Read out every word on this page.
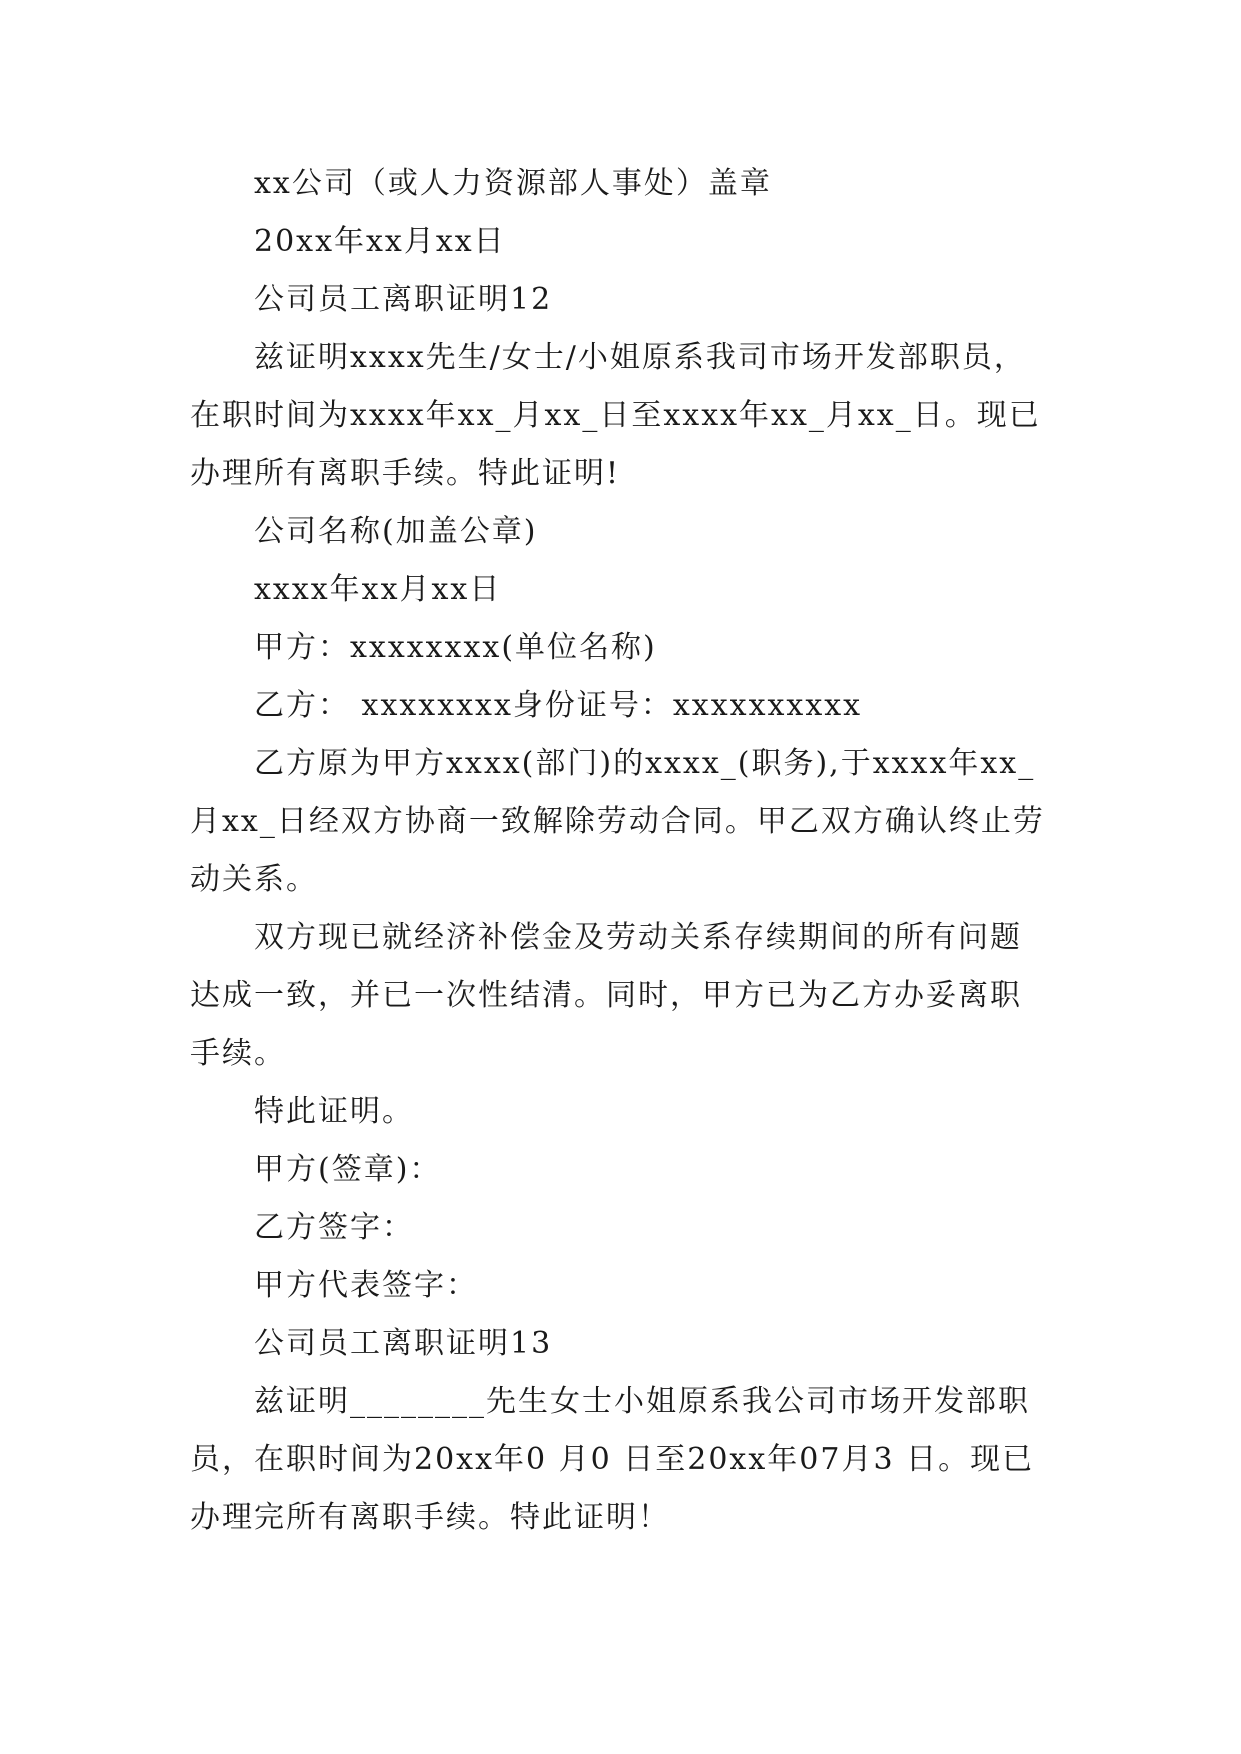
xx公司（或人力资源部人事处）盖章

20xx年xx月xx日

公司员工离职证明12

兹证明xxxx先生/女士/小姐原系我司市场开发部职员，在职时间为xxxx年xx_月xx_日至xxxx年xx_月xx_日。现已办理所有离职手续。特此证明!

公司名称(加盖公章)

xxxx年xx月xx日

甲方：xxxxxxxx(单位名称)

乙方： xxxxxxxx身份证号：xxxxxxxxxx

乙方原为甲方xxxx(部门)的xxxx_(职务),于xxxx年xx_月xx_日经双方协商一致解除劳动合同。甲乙双方确认终止劳动关系。

双方现已就经济补偿金及劳动关系存续期间的所有问题达成一致，并已一次性结清。同时，甲方已为乙方办妥离职手续。

特此证明。

甲方(签章)：

乙方签字：

甲方代表签字：

公司员工离职证明13

兹证明________先生女士小姐原系我公司市场开发部职员，在职时间为20xx年0 月0 日至20xx年07月3 日。现已办理完所有离职手续。特此证明！
